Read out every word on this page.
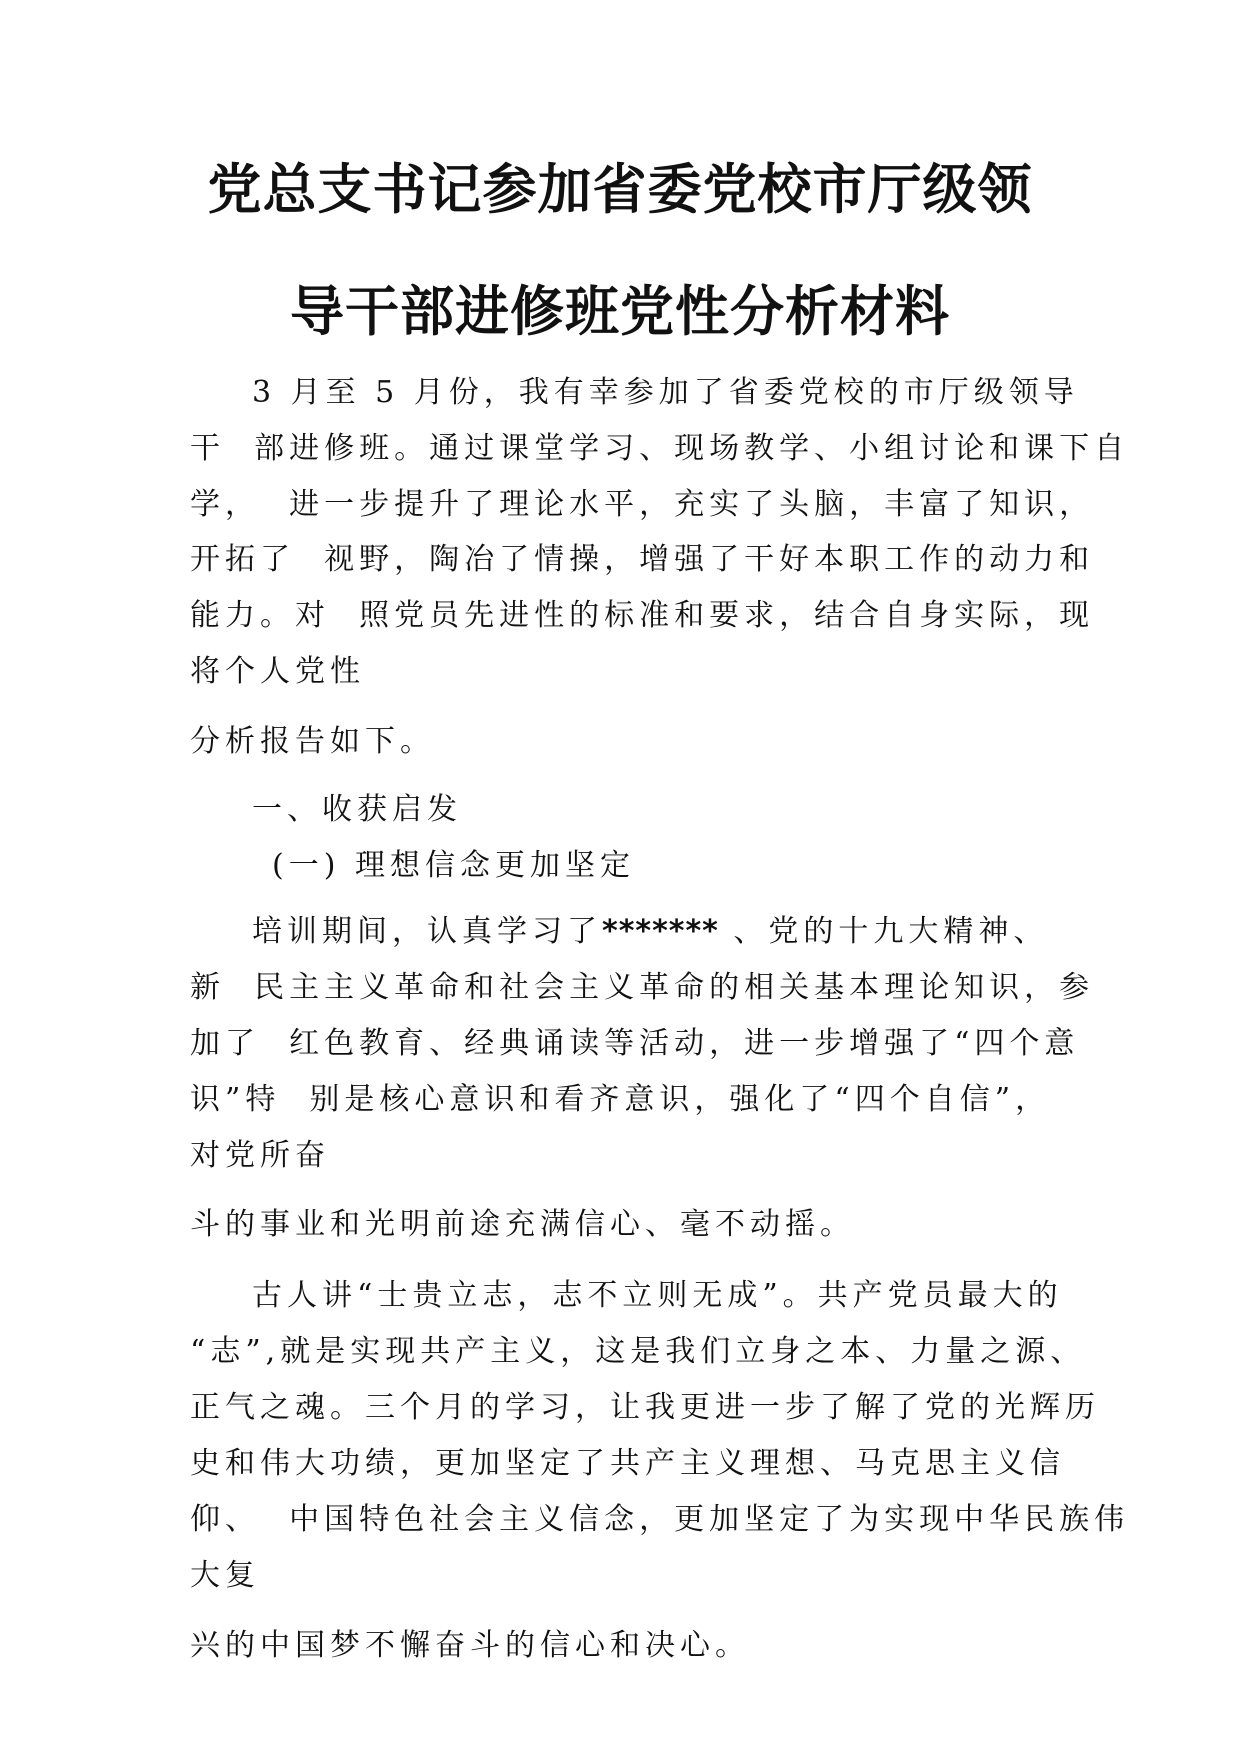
党总支书记参加省委党校市厅级领
导干部进修班党性分析材料
3 月至 5 月份，我有幸参加了省委党校的市厅级领导
干  部进修班。通过课堂学习、现场教学、小组讨论和课下自
学，  进一步提升了理论水平，充实了头脑，丰富了知识，
开拓了  视野，陶冶了情操，增强了干好本职工作的动力和
能力。对  照党员先进性的标准和要求，结合自身实际，现
将个人党性
分析报告如下。
一、收获启发
(一) 理想信念更加坚定
培训期间，认真学习了******* 、党的十九大精神、
新  民主主义革命和社会主义革命的相关基本理论知识，参
加了  红色教育、经典诵读等活动，进一步增强了“四个意
识”特  别是核心意识和看齐意识，强化了“四个自信”，
对党所奋
斗的事业和光明前途充满信心、毫不动摇。
古人讲“士贵立志，志不立则无成”。共产党员最大的
“志”,就是实现共产主义，这是我们立身之本、力量之源、
正气之魂。三个月的学习，让我更进一步了解了党的光辉历
史和伟大功绩，更加坚定了共产主义理想、马克思主义信
仰、  中国特色社会主义信念，更加坚定了为实现中华民族伟
大复
兴的中国梦不懈奋斗的信心和决心。
